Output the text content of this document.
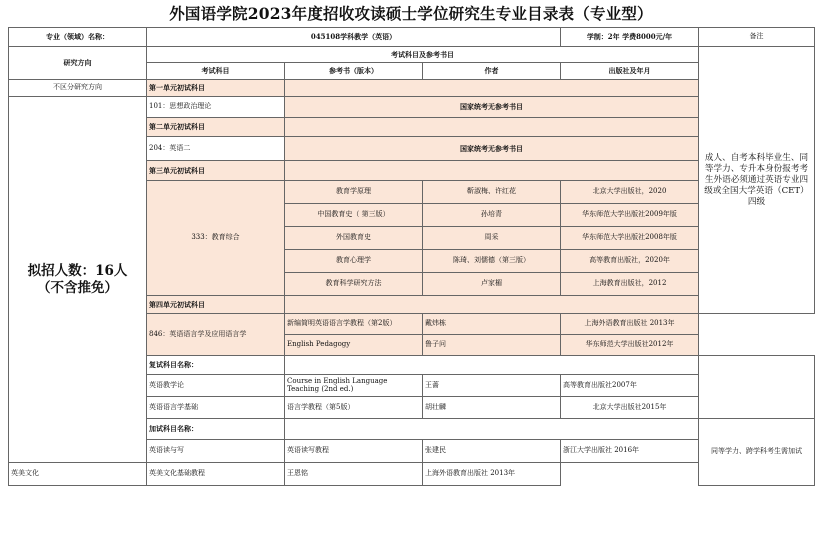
外国语学院2023年度招收攻读硕士学位研究生专业目录表（专业型）
专业（领域）名称：	045108学科教学（英语）			学制：2年 学费8000元/年	备注
研究方向	考试科目及参考书目				成人、自考本科毕业生、同等学力、专升本身份报考考生外语必须通过英语专业四级或全国大学英语（CET）四级
	考试科目	参考书（版本）	作者	出版社及年月	
不区分研究方向	第一单元初试科目				

拟招人数：16人
（不含推免）	101：思想政治理论	国家统考无参考书目			
	第二单元初试科目				
	204：英语二	国家统考无参考书目			
	第三单元初试科目				
	333：教育综合	教育学原理	靳淑梅、许红花	北京大学出版社，2020	
		中国教育史（ 第三版）	孙培青	华东师范大学出版社2009年版	
		外国教育史	周采	华东师范大学出版社2008年版	
		教育心理学	陈琦、刘儒德（第三版）	高等教育出版社，2020年	
		教育科学研究方法	卢家楣	上海教育出版社，2012	
	第四单元初试科目				
	846：英语语言学及应用语言学	新编简明英语语言学教程（第2版）	戴炜栋	上海外语教育出版社 2013年	
		English Pedagogy	鲁子问	华东师范大学出版社2012年	
	复试科目名称：				
	英语教学论	Course in English Language Teaching (2nd ed.)	王蔷	高等教育出版社2007年	
	英语语言学基础	语言学教程（第5版）	胡壮麟	北京大学出版社2015年	
	加试科目名称：				同等学力、跨学科考生需加试
	英语读与写	英语读写教程	张建民	浙江大学出版社 2016年	
英美文化	英美文化基础教程	王恩铭	上海外语教育出版社 2013年		
